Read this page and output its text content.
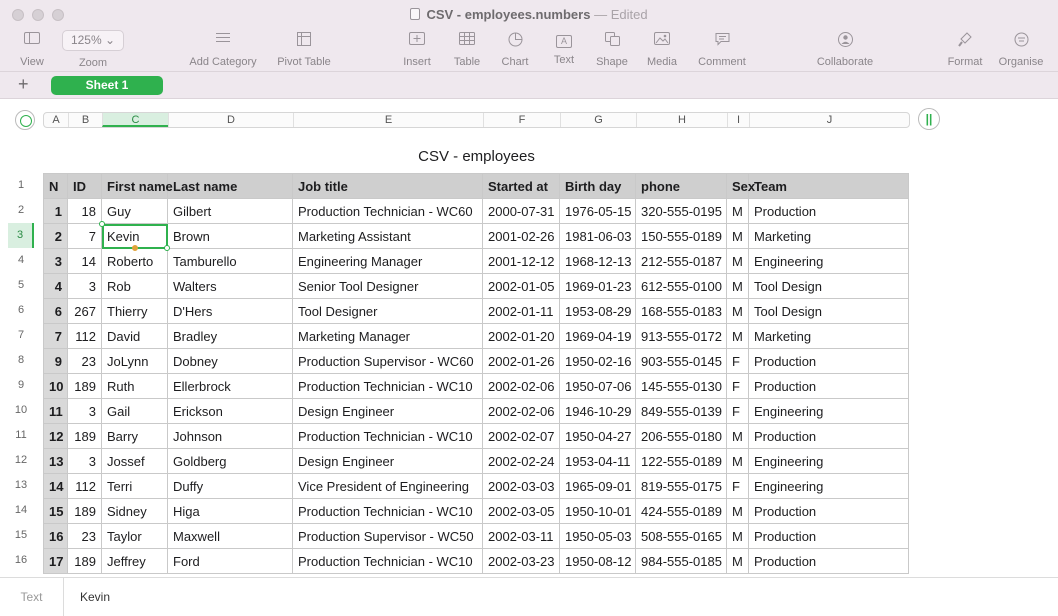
CSV - employees.numbers — Edited
View
125% ⌄
Zoom	Add Category	Pivot Table	Insert	Table	Chart
A
Text	Shape	Media	Comment	Collaborate	Format	Organise
+	Sheet 1
A	B	C	D	E	F	G	H	I	J	||
CSV - employees
1
2
3
4
5
6
7
8
9
10
11
12
13
14
15
16
N	ID	First name	Last name	Job title	Started at	Birth day	phone	Sex	Team
1	18	Guy	Gilbert	Production Technician - WC60	2000-07-31	1976-05-15	320-555-0195	M	Production
2	7	Kevin	Brown	Marketing Assistant	2001-02-26	1981-06-03	150-555-0189	M	Marketing
3	14	Roberto	Tamburello	Engineering Manager	2001-12-12	1968-12-13	212-555-0187	M	Engineering
4	3	Rob	Walters	Senior Tool Designer	2002-01-05	1969-01-23	612-555-0100	M	Tool Design
6	267	Thierry	D'Hers	Tool Designer	2002-01-11	1953-08-29	168-555-0183	M	Tool Design
7	112	David	Bradley	Marketing Manager	2002-01-20	1969-04-19	913-555-0172	M	Marketing
9	23	JoLynn	Dobney	Production Supervisor - WC60	2002-01-26	1950-02-16	903-555-0145	F	Production
10	189	Ruth	Ellerbrock	Production Technician - WC10	2002-02-06	1950-07-06	145-555-0130	F	Production
11	3	Gail	Erickson	Design Engineer	2002-02-06	1946-10-29	849-555-0139	F	Engineering
12	189	Barry	Johnson	Production Technician - WC10	2002-02-07	1950-04-27	206-555-0180	M	Production
13	3	Jossef	Goldberg	Design Engineer	2002-02-24	1953-04-11	122-555-0189	M	Engineering
14	112	Terri	Duffy	Vice President of Engineering	2002-03-03	1965-09-01	819-555-0175	F	Engineering
15	189	Sidney	Higa	Production Technician - WC10	2002-03-05	1950-10-01	424-555-0189	M	Production
16	23	Taylor	Maxwell	Production Supervisor - WC50	2002-03-11	1950-05-03	508-555-0165	M	Production
17	189	Jeffrey	Ford	Production Technician - WC10	2002-03-23	1950-08-12	984-555-0185	M	Production
Text	Kevin
